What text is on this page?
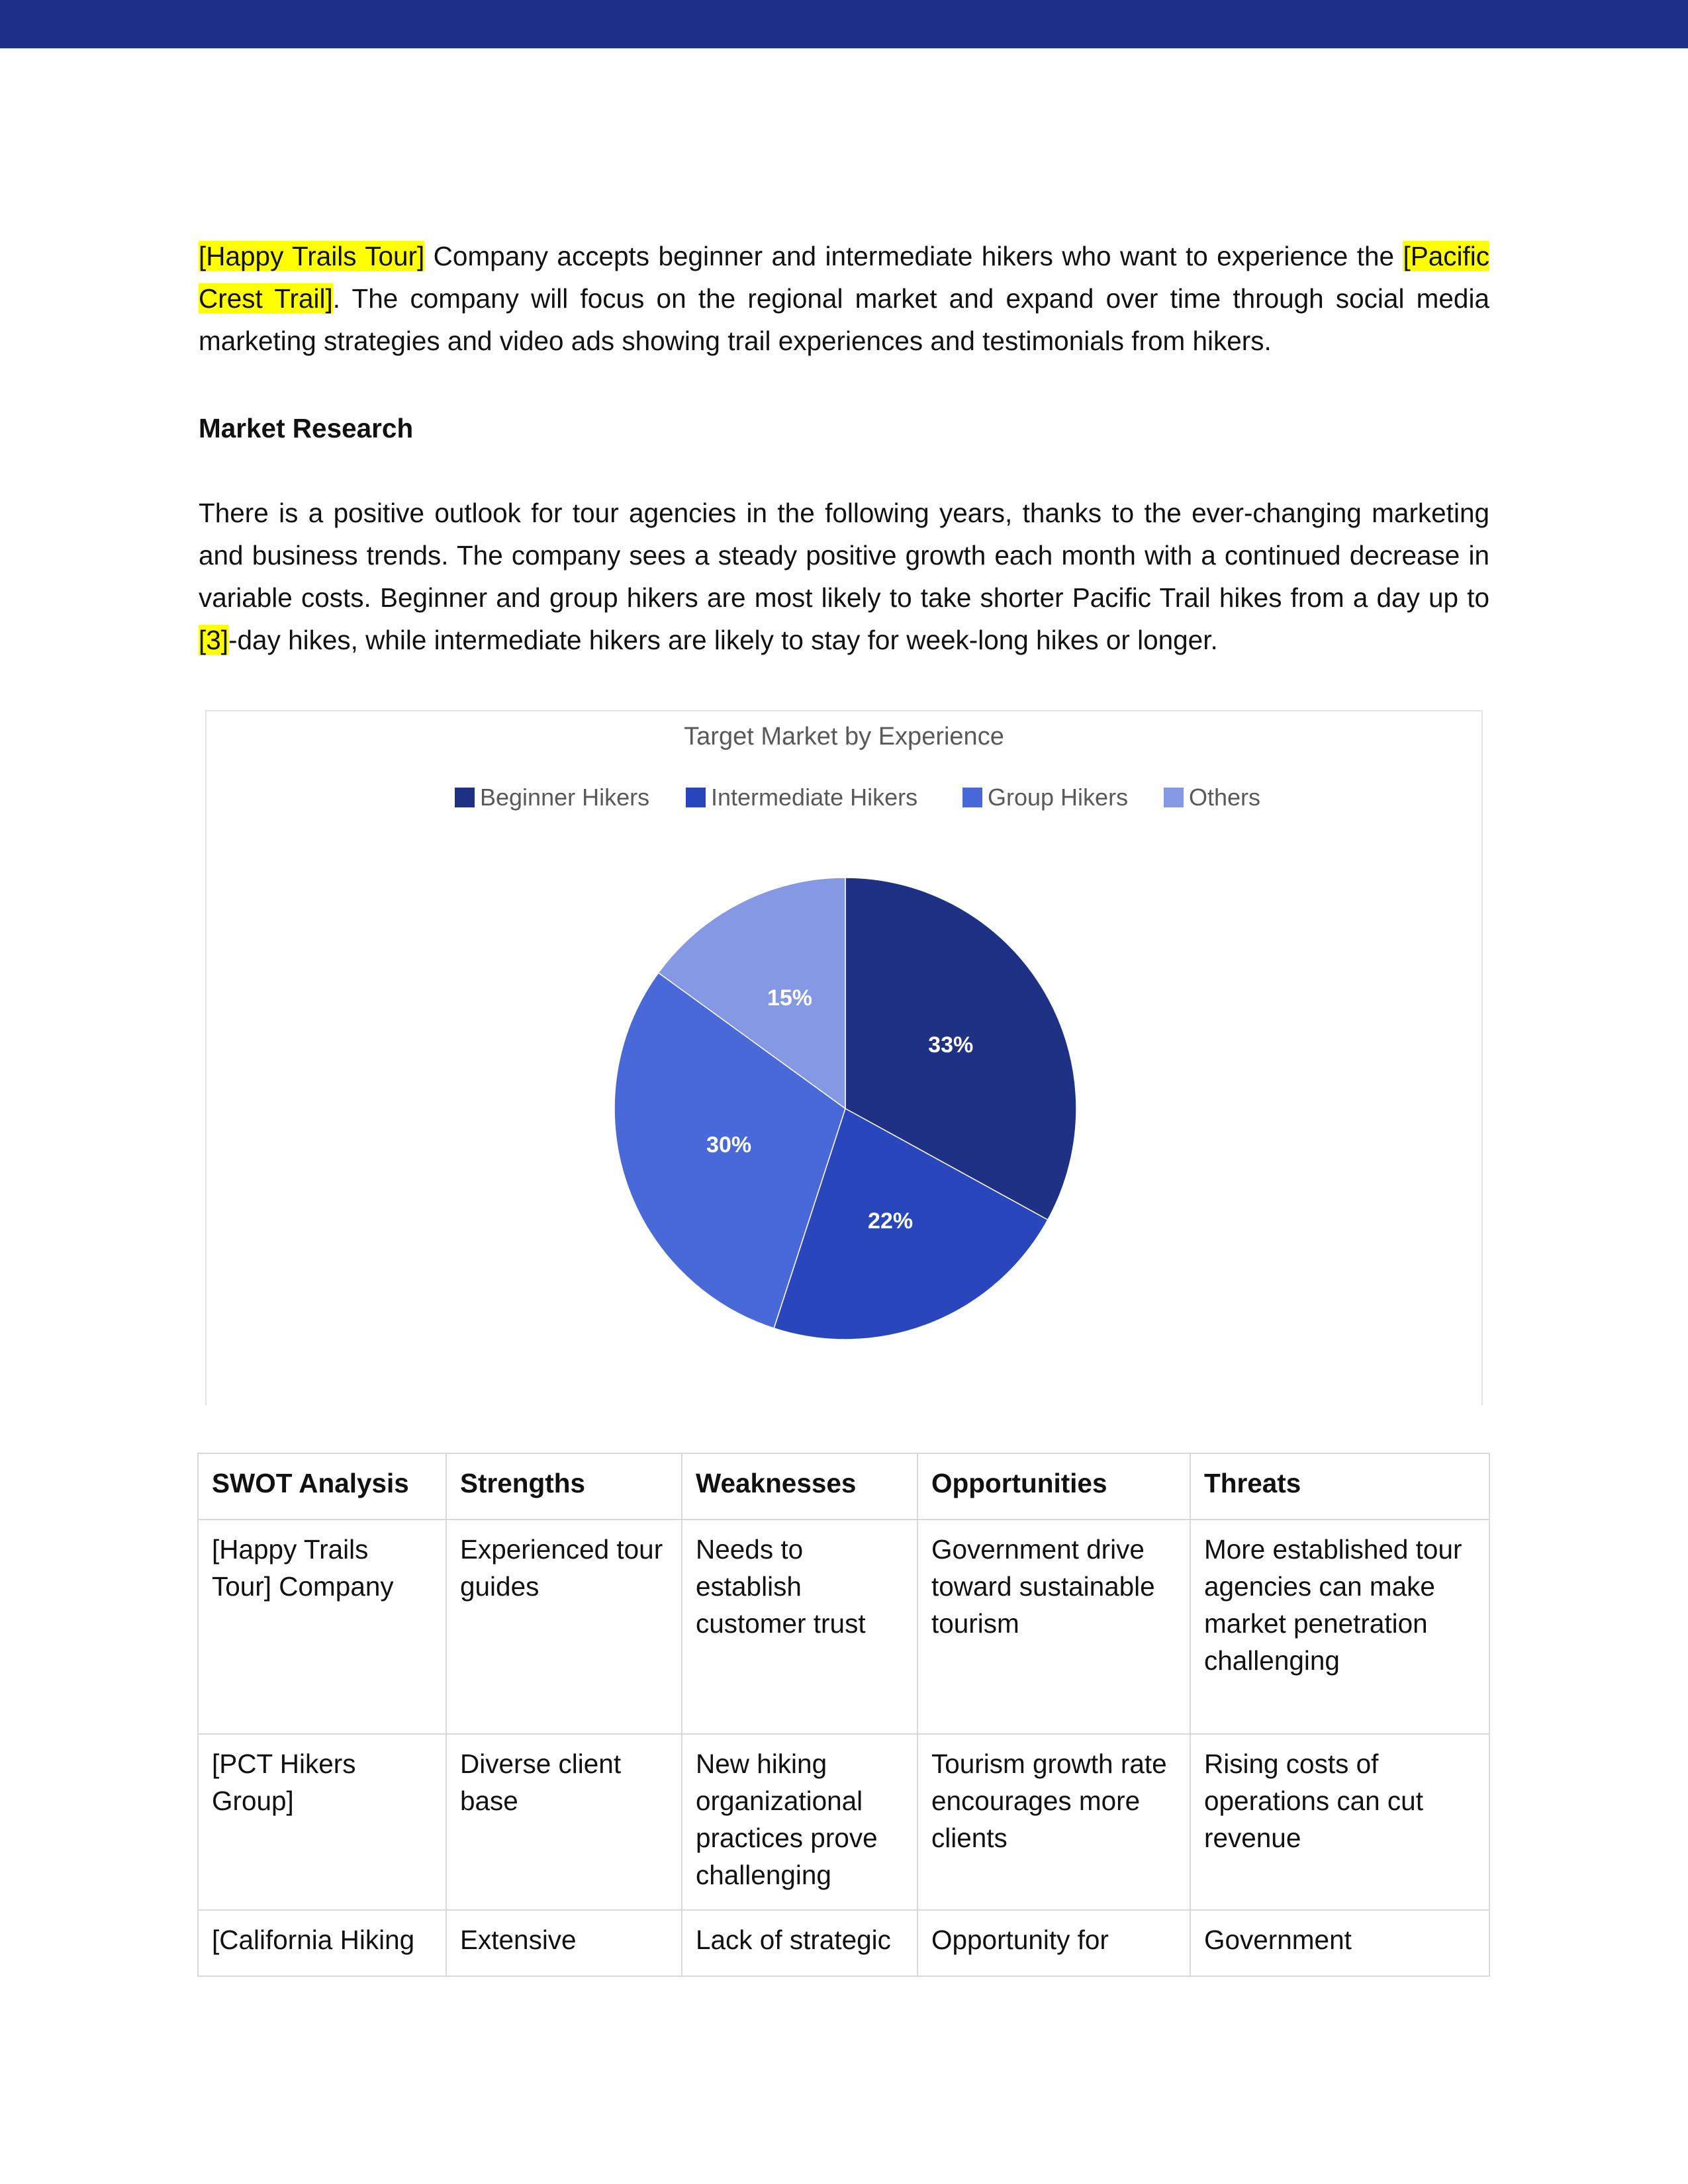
[Happy Trails Tour] Company accepts beginner and intermediate hikers who want to experience the [Pacific Crest Trail]. The company will focus on the regional market and expand over time through social media marketing strategies and video ads showing trail experiences and testimonials from hikers.

Market Research

There is a positive outlook for tour agencies in the following years, thanks to the ever-changing marketing and business trends. The company sees a steady positive growth each month with a continued decrease in variable costs. Beginner and group hikers are most likely to take shorter Pacific Trail hikes from a day up to [3]-day hikes, while intermediate hikers are likely to stay for week-long hikes or longer.

Target Market by Experience
Beginner Hikers	Intermediate Hikers	Group Hikers	Others
33%
22%
30%
15%
SWOT Analysis	Strengths	Weaknesses	Opportunities	Threats
[Happy Trails Tour] Company	Experienced tour guides	Needs to establish customer trust	Government drive toward sustainable tourism	More established tour agencies can make market penetration challenging
[PCT Hikers Group]	Diverse client base	New hiking organizational practices prove challenging	Tourism growth rate encourages more clients	Rising costs of operations can cut revenue
[California Hiking	Extensive	Lack of strategic	Opportunity for	Government
